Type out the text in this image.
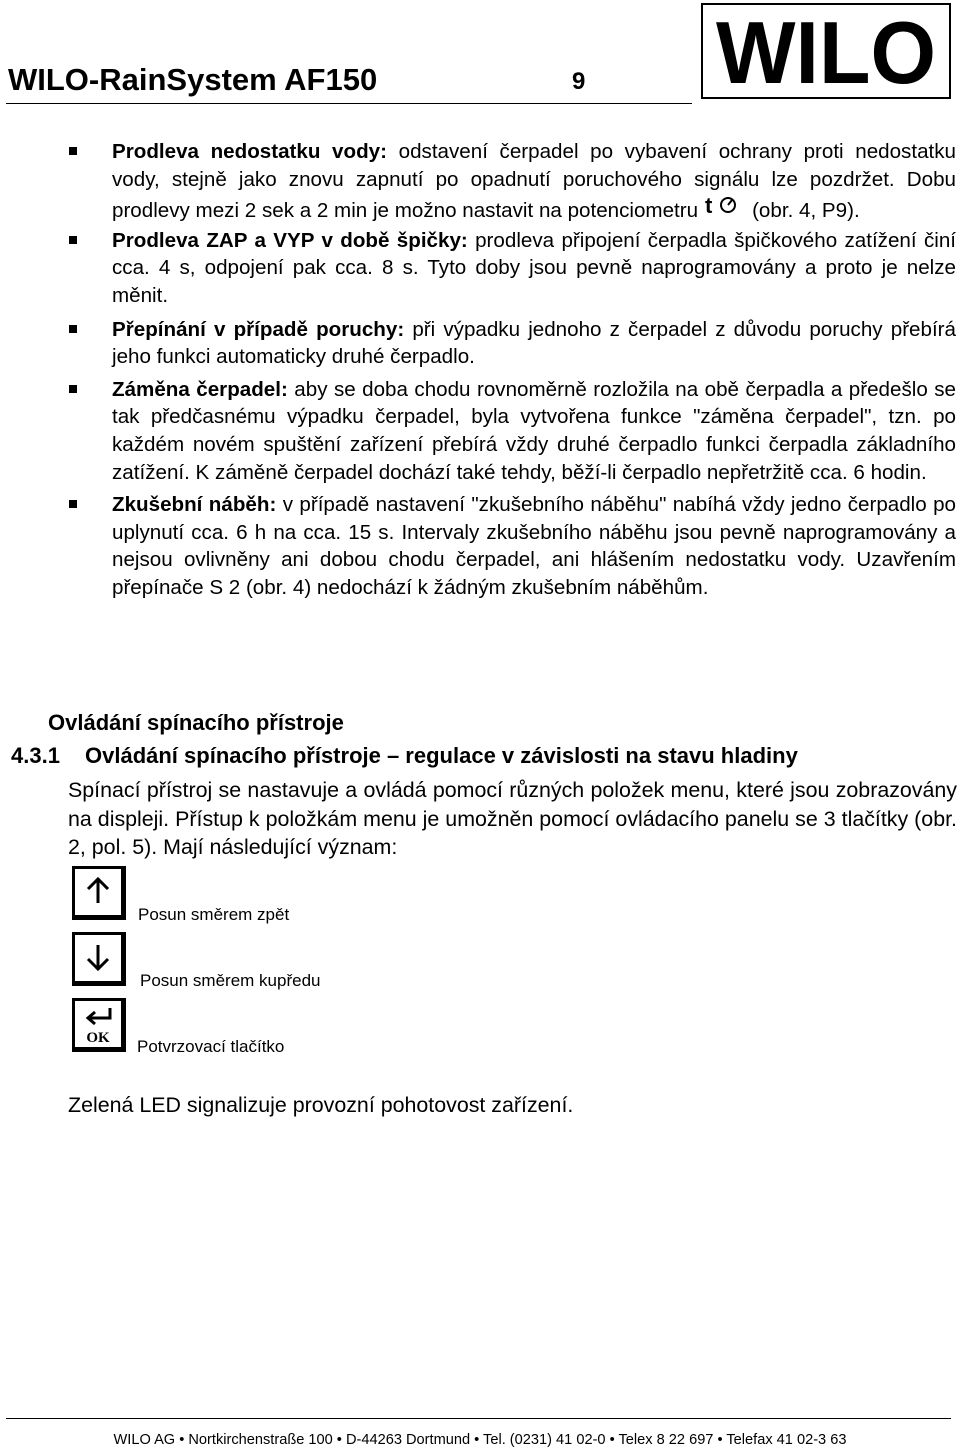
WILO-RainSystem AF150	9 WILO
Prodleva nedostatku vody: odstavení čerpadel po vybavení ochrany proti nedostatku vody, stejně jako znovu zapnutí po opadnutí poruchového signálu lze pozdržet. Dobu prodlevy mezi 2 sek a 2 min je možno nastavit na potenciometru t (obr. 4, P9).
Prodleva ZAP a VYP v době špičky: prodleva připojení čerpadla špičkového zatížení činí cca. 4 s, odpojení pak cca. 8 s. Tyto doby jsou pevně naprogramovány a proto je nelze měnit.
Přepínání v případě poruchy: při výpadku jednoho z čerpadel z důvodu poruchy přebírá jeho funkci automaticky druhé čerpadlo.
Záměna čerpadel: aby se doba chodu rovnoměrně rozložila na obě čerpadla a předešlo se tak předčasnému výpadku čerpadel, byla vytvořena funkce "záměna čerpadel", tzn. po každém novém spuštění zařízení přebírá vždy druhé čerpadlo funkci čerpadla základního zatížení. K záměně čerpadel dochází také tehdy, běží-li čerpadlo nepřetržitě cca. 6 hodin.
Zkušební náběh: v případě nastavení "zkušebního náběhu" nabíhá vždy jedno čerpadlo po uplynutí cca. 6 h na cca. 15 s. Intervaly zkušebního náběhu jsou pevně naprogramovány a nejsou ovlivněny ani dobou chodu čerpadel, ani hlášením nedostatku vody. Uzavřením přepínače S 2 (obr. 4) nedochází k žádným zkušebním náběhům.
Ovládání spínacího přístroje
4.3.1 Ovládání spínacího přístroje – regulace v závislosti na stavu hladiny
Spínací přístroj se nastavuje a ovládá pomocí různých položek menu, které jsou zobrazovány na displeji. Přístup k položkám menu je umožněn pomocí ovládacího panelu se 3 tlačítky (obr. 2, pol. 5). Mají následující význam:
Posun směrem zpět
Posun směrem kupředu
OK Potvrzovací tlačítko
Zelená LED signalizuje provozní pohotovost zařízení.
WILO AG • Nortkirchenstraße 100 • D-44263 Dortmund • Tel. (0231) 41 02-0 • Telex 8 22 697 • Telefax 41 02-3 63
